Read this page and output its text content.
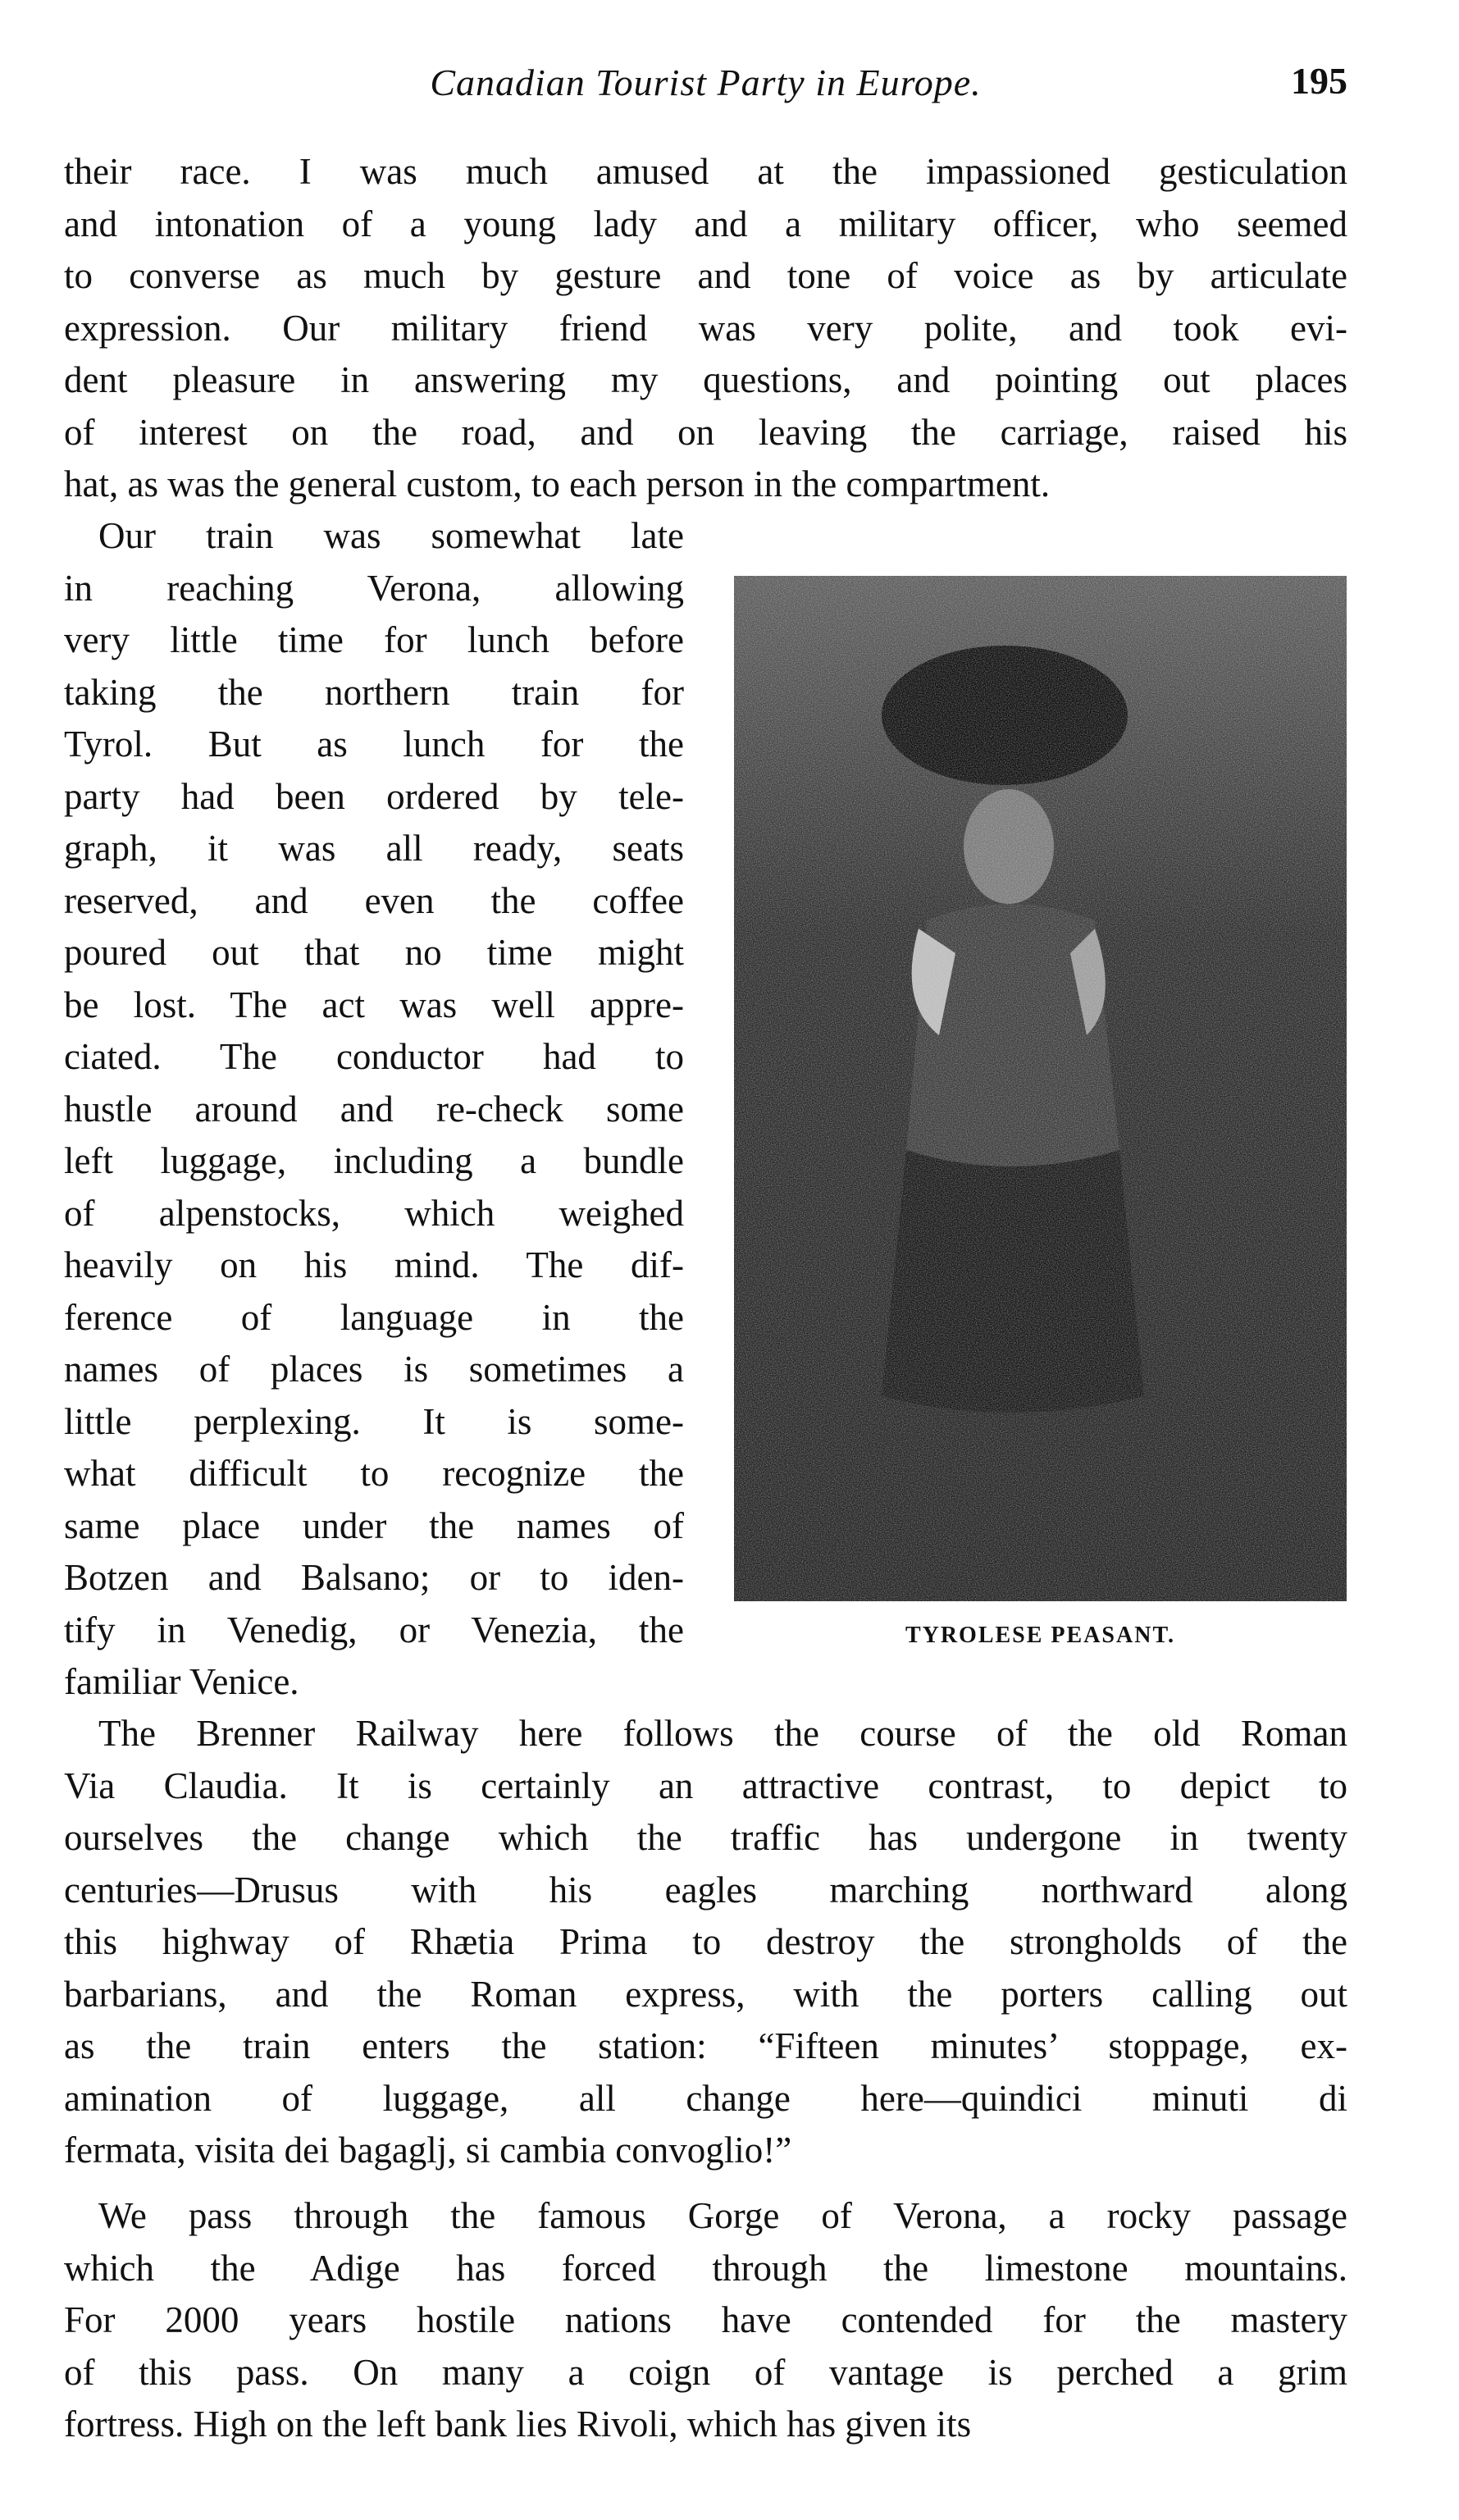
Canadian Tourist Party in Europe.	195
their race. I was much amused at the impassioned gesticulation
and intonation of a young lady and a military officer, who seemed
to converse as much by gesture and tone of voice as by articulate
expression. Our military friend was very polite, and took evi-
dent pleasure in answering my questions, and pointing out places
of interest on the road, and on leaving the carriage, raised his
hat, as was the general custom, to each person in the compartment.
Our train was somewhat late
in reaching Verona, allowing
very little time for lunch before
taking the northern train for
Tyrol. But as lunch for the
party had been ordered by tele-
graph, it was all ready, seats
reserved, and even the coffee
poured out that no time might
be lost. The act was well appre-
ciated. The conductor had to
hustle around and re-check some
left luggage, including a bundle
of alpenstocks, which weighed
heavily on his mind. The dif-
ference of language in the
names of places is sometimes a
little perplexing. It is some-
what difficult to recognize the
same place under the names of
Botzen and Balsano; or to iden-
tify in Venedig, or Venezia, the
familiar Venice.
TYROLESE PEASANT.
The Brenner Railway here follows the course of the old Roman
Via Claudia. It is certainly an attractive contrast, to depict to
ourselves the change which the traffic has undergone in twenty
centuries—Drusus with his eagles marching northward along
this highway of Rhætia Prima to destroy the strongholds of the
barbarians, and the Roman express, with the porters calling out
as the train enters the station: “Fifteen minutes’ stoppage, ex-
amination of luggage, all change here—quindici minuti di
fermata, visita dei bagaglj, si cambia convoglio!”
We pass through the famous Gorge of Verona, a rocky passage
which the Adige has forced through the limestone mountains.
For 2000 years hostile nations have contended for the mastery
of this pass. On many a coign of vantage is perched a grim
fortress. High on the left bank lies Rivoli, which has given its
